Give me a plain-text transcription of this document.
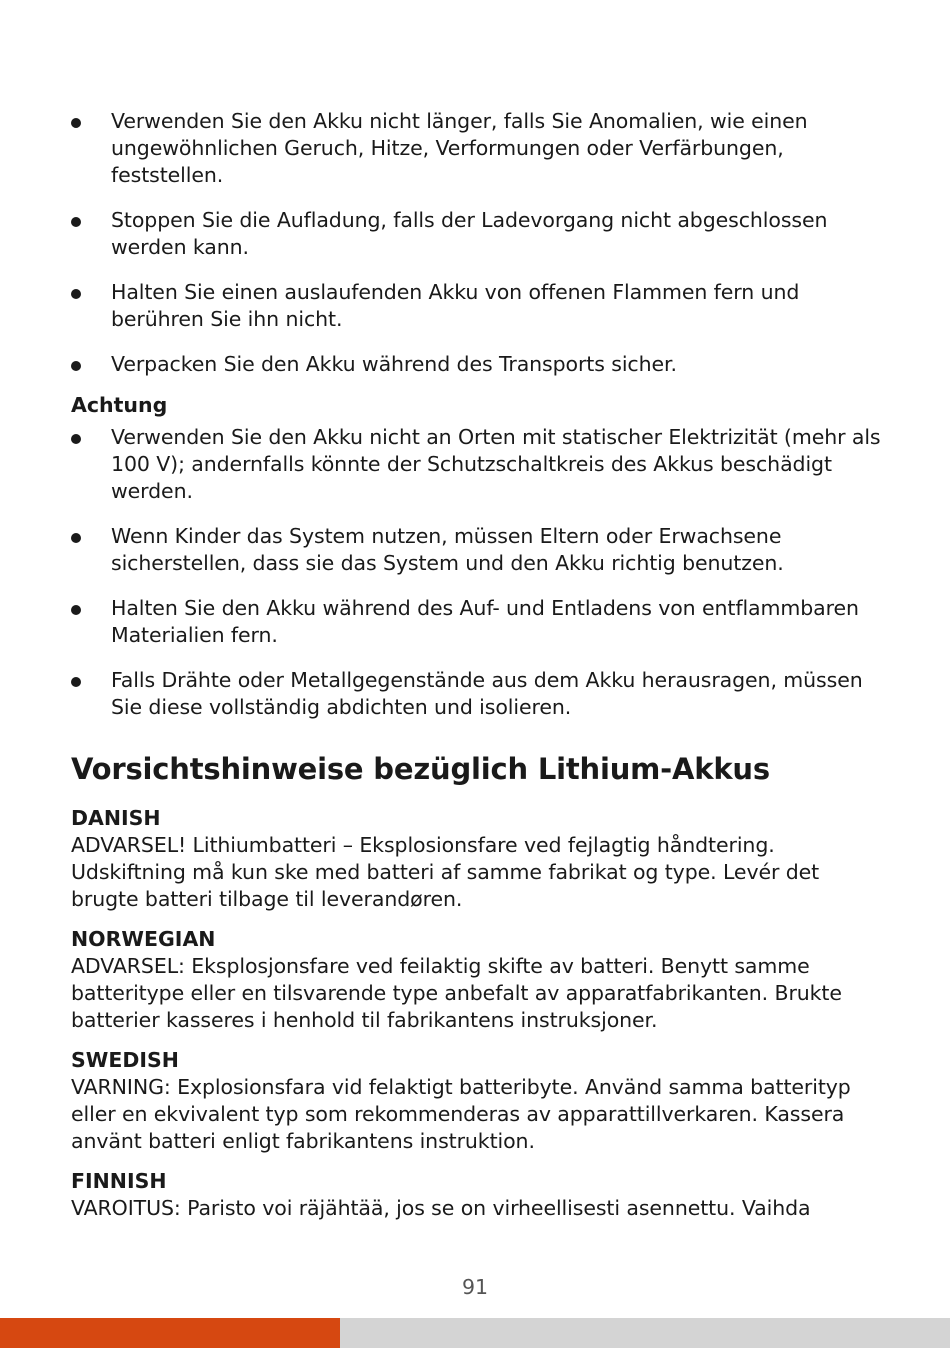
Verwenden Sie den Akku nicht länger, falls Sie Anomalien, wie einen ungewöhnlichen Geruch, Hitze, Verformungen oder Verfärbungen, feststellen.
Stoppen Sie die Aufladung, falls der Ladevorgang nicht abgeschlossen werden kann.
Halten Sie einen auslaufenden Akku von offenen Flammen fern und berühren Sie ihn nicht.
Verpacken Sie den Akku während des Transports sicher.
Achtung
Verwenden Sie den Akku nicht an Orten mit statischer Elektrizität (mehr als 100 V); andernfalls könnte der Schutzschaltkreis des Akkus beschädigt werden.
Wenn Kinder das System nutzen, müssen Eltern oder Erwachsene sicherstellen, dass sie das System und den Akku richtig benutzen.
Halten Sie den Akku während des Auf- und Entladens von entflammbaren Materialien fern.
Falls Drähte oder Metallgegenstände aus dem Akku herausragen, müssen Sie diese vollständig abdichten und isolieren.
Vorsichtshinweise bezüglich Lithium-Akkus
DANISH
ADVARSEL! Lithiumbatteri – Eksplosionsfare ved fejlagtig håndtering. Udskiftning må kun ske med batteri af samme fabrikat og type. Levér det brugte batteri tilbage til leverandøren.
NORWEGIAN
ADVARSEL: Eksplosjonsfare ved feilaktig skifte av batteri. Benytt samme batteritype eller en tilsvarende type anbefalt av apparatfabrikanten. Brukte batterier kasseres i henhold til fabrikantens instruksjoner.
SWEDISH
VARNING: Explosionsfara vid felaktigt batteribyte. Använd samma batterityp eller en ekvivalent typ som rekommenderas av apparattillverkaren. Kassera använt batteri enligt fabrikantens instruktion.
FINNISH
VAROITUS: Paristo voi räjähtää, jos se on virheellisesti asennettu. Vaihda
91
